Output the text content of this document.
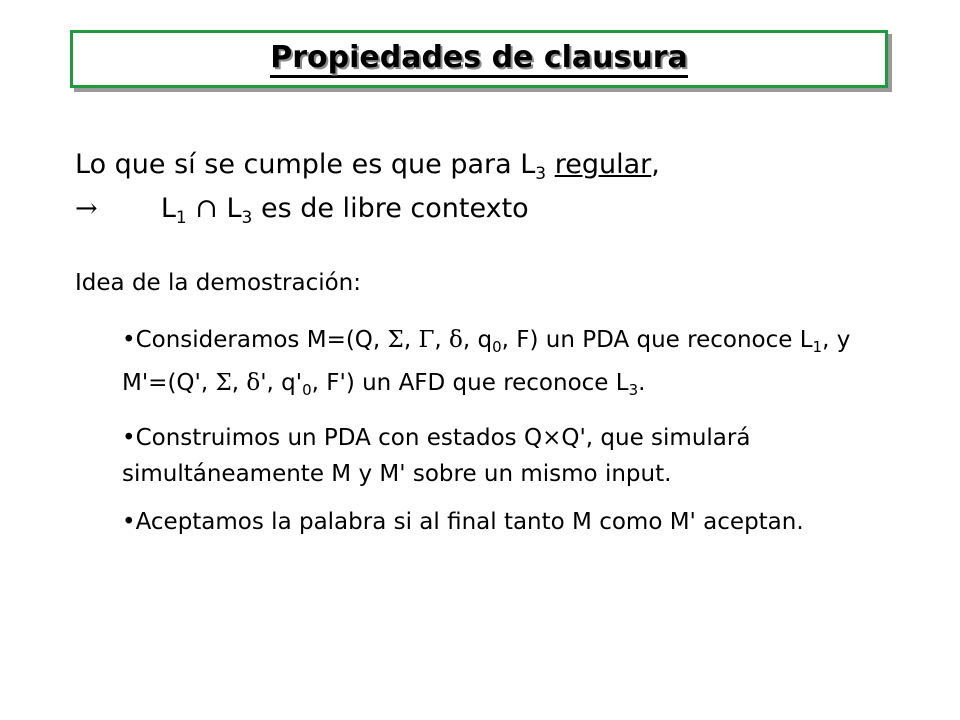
Propiedades de clausura
Lo que sí se cumple es que para $L_3$ regular,
→ $L_1$ ∩ $L_3$ es de libre contexto
Idea de la demostración:
•Consideramos M=(Q, Σ, Γ, δ, $q_0$, F) un PDA que reconoce $L_1$, y M'=(Q', Σ, δ', $q'_0$, F') un AFD que reconoce $L_3$.
•Construimos un PDA con estados Q×Q', que simulará simultáneamente M y M' sobre un mismo input.
•Aceptamos la palabra si al final tanto M como M' aceptan.
